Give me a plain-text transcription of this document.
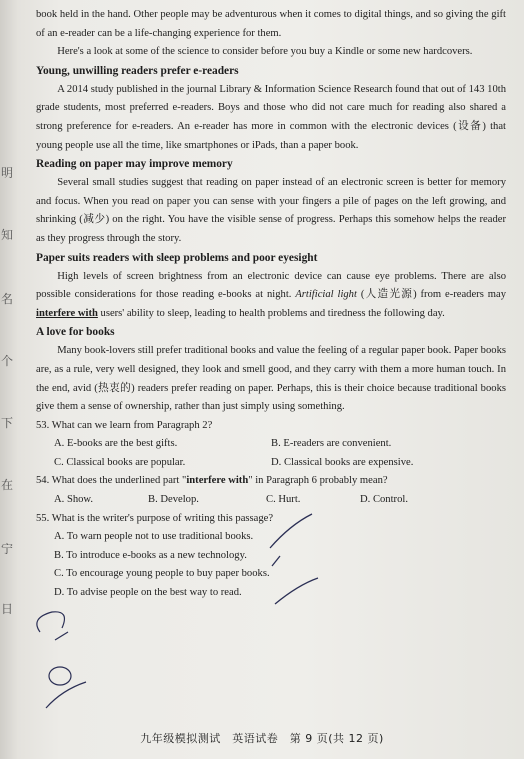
明
知
名
个
下
在
宁
日

book held in the hand. Other people may be adventurous when it comes to digital things, and so giving the gift of an e-reader can be a life-changing experience for them.

Here's a look at some of the science to consider before you buy a Kindle or some new hardcovers.

Young, unwilling readers prefer e-readers

A 2014 study published in the journal Library & Information Science Research found that out of 143 10th grade students, most preferred e-readers. Boys and those who did not care much for reading also shared a strong preference for e-readers. An e-reader has more in common with the electronic devices (设备) that young people use all the time, like smartphones or iPads, than a paper book.

Reading on paper may improve memory

Several small studies suggest that reading on paper instead of an electronic screen is better for memory and focus. When you read on paper you can sense with your fingers a pile of pages on the left growing, and shrinking (减少) on the right. You have the visible sense of progress. Perhaps this somehow helps the reader as they progress through the story.

Paper suits readers with sleep problems and poor eyesight

High levels of screen brightness from an electronic device can cause eye problems. There are also possible considerations for those reading e-books at night. Artificial light (人造光源) from e-readers may interfere with users' ability to sleep, leading to health problems and tiredness the following day.

A love for books

Many book-lovers still prefer traditional books and value the feeling of a regular paper book. Paper books are, as a rule, very well designed, they look and smell good, and they carry with them a more human touch. In the end, avid (热衷的) readers prefer reading on paper. Perhaps, this is their choice because traditional books give them a sense of ownership, rather than just simply using something.

53. What can we learn from Paragraph 2?

A. E-books are the best gifts.	B. E-readers are convenient.
C. Classical books are popular.	D. Classical books are expensive.

54. What does the underlined part "interfere with" in Paragraph 6 probably mean?

A. Show.	B. Develop.	C. Hurt.	D. Control.

55. What is the writer's purpose of writing this passage?

A. To warn people not to use traditional books.

B. To introduce e-books as a new technology.

C. To encourage young people to buy paper books.

D. To advise people on the best way to read.

九年级模拟测试　英语试卷　第 9 页(共 12 页)
